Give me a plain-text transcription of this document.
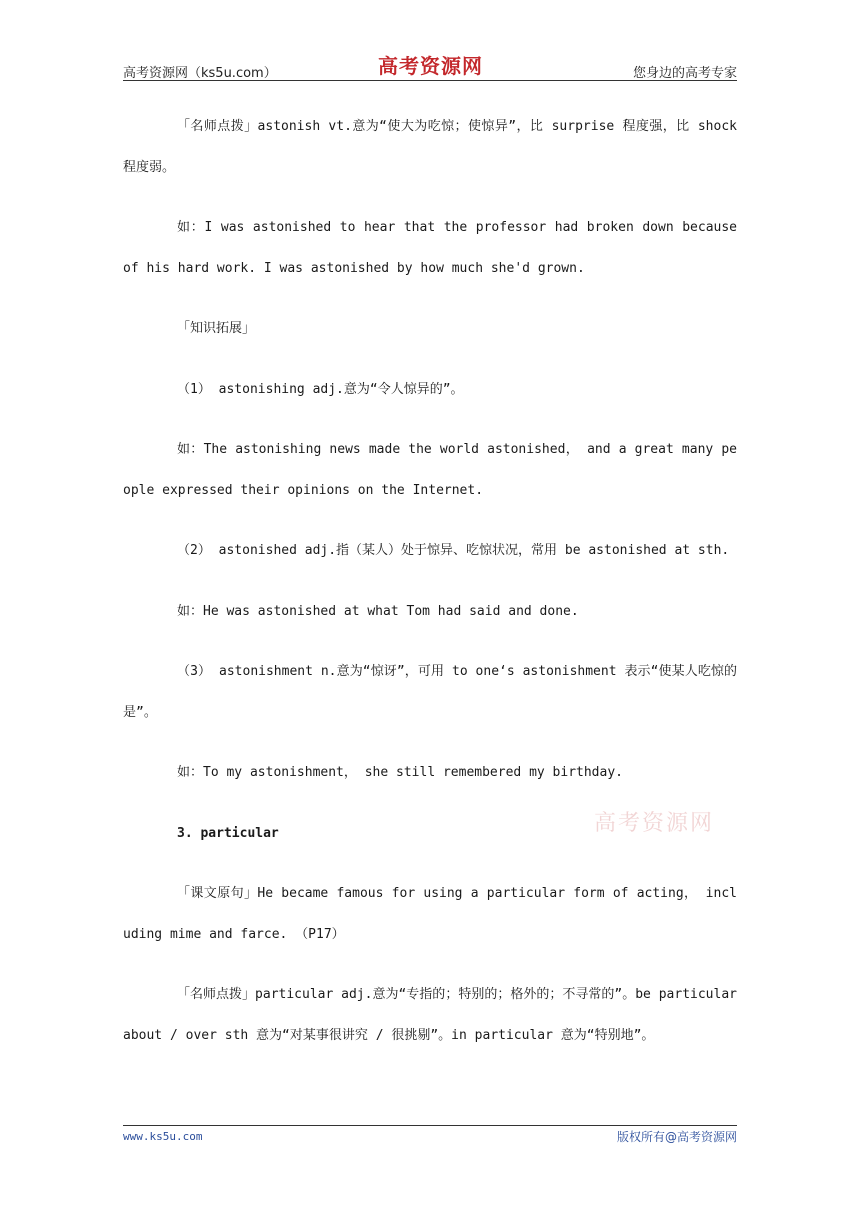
高考资源网（ks5u.com）	高考资源网	您身边的高考专家

「名师点拨」astonish vt.意为“使大为吃惊；使惊异”，比 surprise 程度强，比 shock 程度弱。

如：I was astonished to hear that the professor had broken down because of his hard work. I was astonished by how much she'd grown.

「知识拓展」

（1） astonishing adj.意为“令人惊异的”。

如：The astonishing news made the world astonished， and a great many people expressed their opinions on the Internet.

（2） astonished adj.指（某人）处于惊异、吃惊状况，常用 be astonished at sth.

如：He was astonished at what Tom had said and done.

（3） astonishment n.意为“惊讶”，可用 to one‘s astonishment 表示“使某人吃惊的是”。

如：To my astonishment， she still remembered my birthday.

3. particular

「课文原句」He became famous for using a particular form of acting， including mime and farce. （P17）

「名师点拨」particular adj.意为“专指的；特别的；格外的；不寻常的”。be particular about / over sth 意为“对某事很讲究 / 很挑剔”。in particular 意为“特别地”。

高考资源网
www.ks5u.com	版权所有@高考资源网
